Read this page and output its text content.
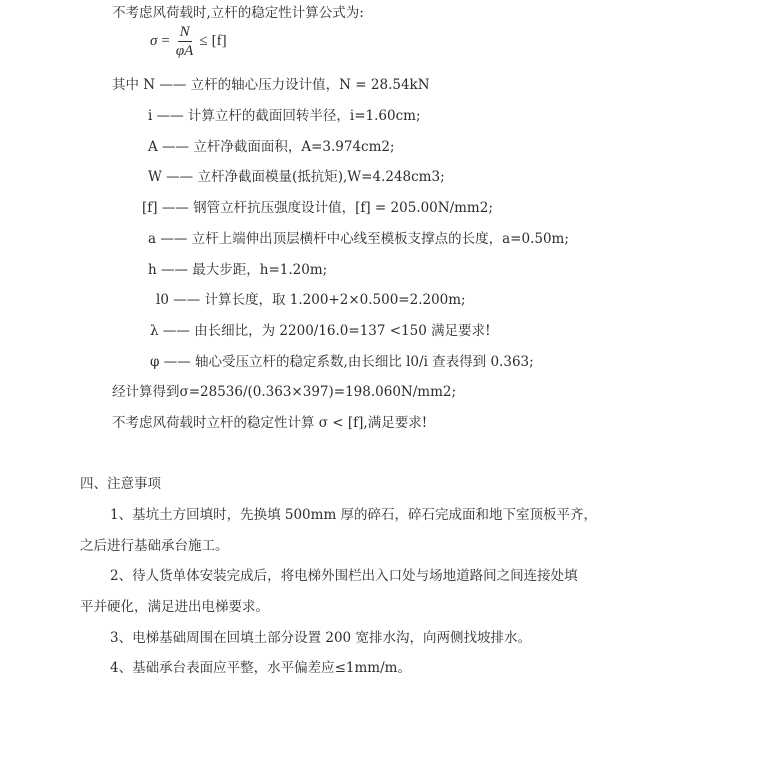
不考虑风荷载时,立杆的稳定性计算公式为:
$\sigma = \frac{N}{\varphi A} \le [f]$
其中 N —— 立杆的轴心压力设计值，N = 28.54kN
i —— 计算立杆的截面回转半径，i=1.60cm;
A —— 立杆净截面面积，A=3.974cm2;
W —— 立杆净截面模量(抵抗矩),W=4.248cm3;
[f] —— 钢管立杆抗压强度设计值，[f] = 205.00N/mm2;
a —— 立杆上端伸出顶层横杆中心线至模板支撑点的长度，a=0.50m;
h —— 最大步距，h=1.20m;
l0 —— 计算长度，取 1.200+2×0.500=2.200m;
λ —— 由长细比，为 2200/16.0=137 <150 满足要求!
φ —— 轴心受压立杆的稳定系数,由长细比 l0/i 查表得到 0.363;
经计算得到σ=28536/(0.363×397)=198.060N/mm2;
不考虑风荷载时立杆的稳定性计算 σ < [f],满足要求!
四、注意事项
1、基坑土方回填时，先换填 500mm 厚的碎石，碎石完成面和地下室顶板平齐，
之后进行基础承台施工。
2、待人货单体安装完成后，将电梯外围栏出入口处与场地道路间之间连接处填
平并硬化，满足进出电梯要求。
3、电梯基础周围在回填土部分设置 200 宽排水沟，向两侧找坡排水。
4、基础承台表面应平整，水平偏差应≤1mm/m。
